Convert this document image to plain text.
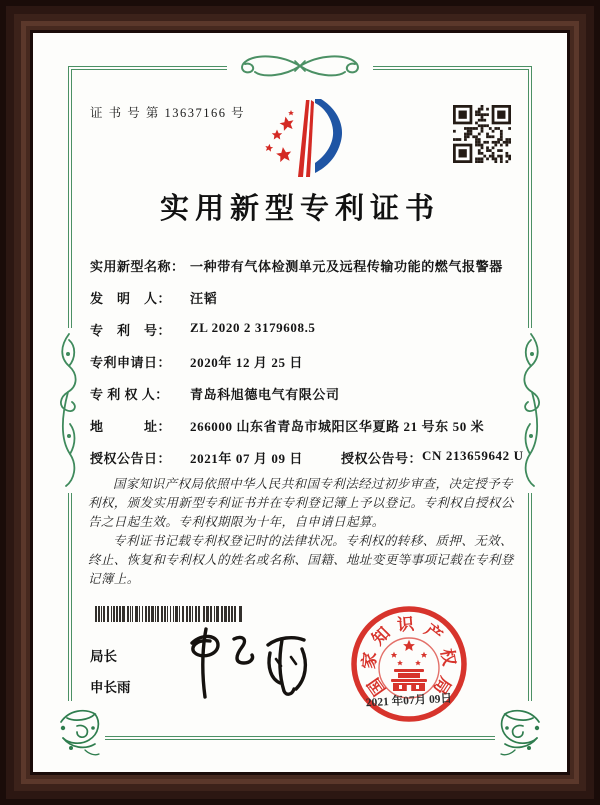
证 书 号 第 13637166 号
实用新型专利证书
实用新型名称： 一种带有气体检测单元及远程传输功能的燃气报警器
发　明　人：	汪韬
专　利　号：	ZL 2020 2 3179608.5
专利申请日：	2020年 12 月 25 日
专 利 权 人：	青岛科旭德电气有限公司
地　　　址：	266000 山东省青岛市城阳区华夏路 21 号东 50 米
授权公告日：	2021年 07 月 09 日	授权公告号： CN 213659642 U

国家知识产权局依照中华人民共和国专利法经过初步审查，决定授予专利权，颁发实用新型专利证书并在专利登记簿上予以登记。专利权自授权公告之日起生效。专利权期限为十年，自申请日起算。

专利证书记载专利权登记时的法律状况。专利权的转移、质押、无效、终止、恢复和专利权人的姓名或名称、国籍、地址变更等事项记载在专利登记簿上。

局长
申长雨	国
家
知 识 产
权
局
2021 年07月 09日
